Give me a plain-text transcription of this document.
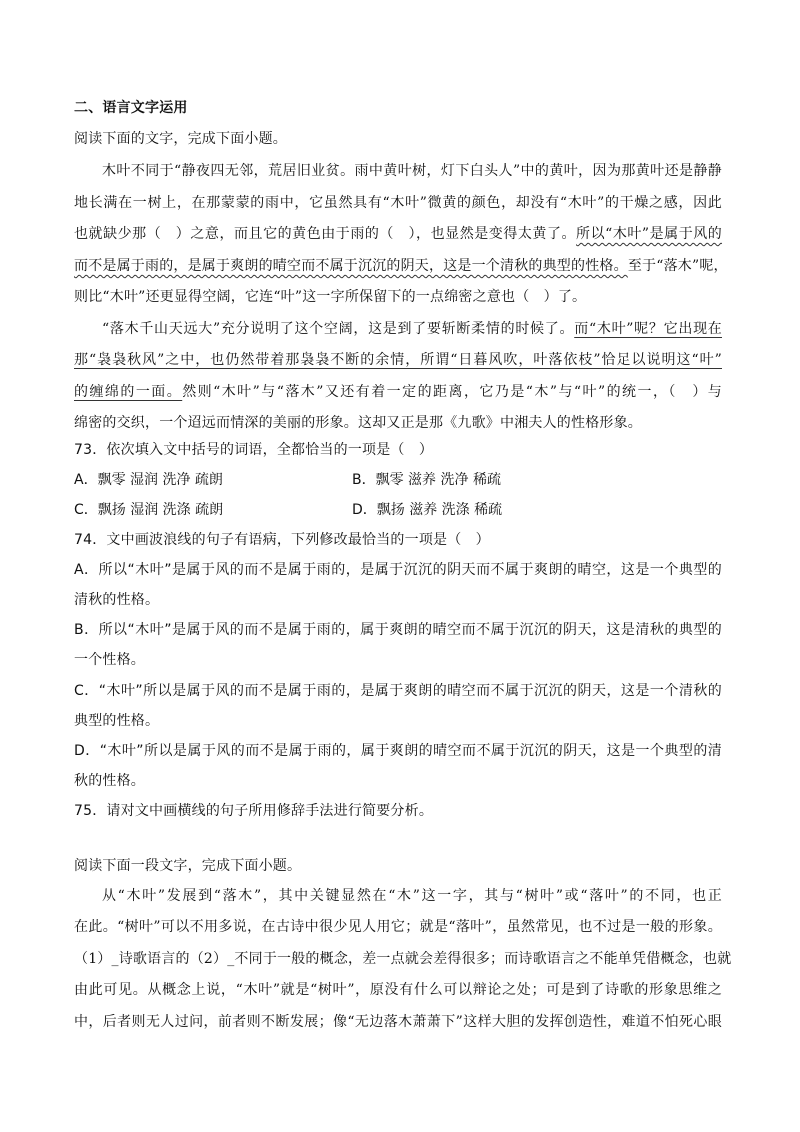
二、语言文字运用
阅读下面的文字，完成下面小题。
木叶不同于“静夜四无邻，荒居旧业贫。雨中黄叶树，灯下白头人”中的黄叶，因为那黄叶还是静静
地长满在一树上，在那蒙蒙的雨中，它虽然具有“木叶”微黄的颜色，却没有“木叶”的干燥之感，因此
也就缺少那（　）之意，而且它的黄色由于雨的（　），也显然是变得太黄了。所以“木叶”是属于风的
而不是属于雨的，是属于爽朗的晴空而不属于沉沉的阴天，这是一个清秋的典型的性格。至于“落木”呢，
则比“木叶”还更显得空阔，它连“叶”这一字所保留下的一点绵密之意也（　）了。
“落木千山天远大”充分说明了这个空阔，这是到了要斩断柔情的时候了。而“木叶”呢？它出现在
那“袅袅秋风”之中，也仍然带着那袅袅不断的余情，所谓“日暮风吹，叶落依枝”恰足以说明这“叶”
的缠绵的一面。然则“木叶”与“落木”又还有着一定的距离，它乃是“木”与“叶”的统一，（　）与
绵密的交织，一个迢远而情深的美丽的形象。这却又正是那《九歌》中湘夫人的性格形象。
73．依次填入文中括号的词语，全都恰当的一项是（　）
A．飘零 湿润 洗净 疏朗	B．飘零 滋养 洗净 稀疏
C．飘扬 湿润 洗涤 疏朗	D．飘扬 滋养 洗涤 稀疏
74．文中画波浪线的句子有语病，下列修改最恰当的一项是（　）
A．所以“木叶”是属于风的而不是属于雨的，是属于沉沉的阴天而不属于爽朗的晴空，这是一个典型的
清秋的性格。
B．所以“木叶”是属于风的而不是属于雨的，属于爽朗的晴空而不属于沉沉的阴天，这是清秋的典型的
一个性格。
C．“木叶”所以是属于风的而不是属于雨的，是属于爽朗的晴空而不属于沉沉的阴天，这是一个清秋的
典型的性格。
D．“木叶”所以是属于风的而不是属于雨的，属于爽朗的晴空而不属于沉沉的阴天，这是一个典型的清
秋的性格。
75．请对文中画横线的句子所用修辞手法进行简要分析。
阅读下面一段文字，完成下面小题。
从“木叶”发展到“落木”，其中关键显然在“木”这一字，其与“树叶”或“落叶”的不同，也正
在此。“树叶”可以不用多说，在古诗中很少见人用它；就是“落叶”，虽然常见，也不过是一般的形象。
（1）_诗歌语言的（2）_不同于一般的概念，差一点就会差得很多；而诗歌语言之不能单凭借概念，也就
由此可见。从概念上说，“木叶”就是“树叶”，原没有什么可以辩论之处；可是到了诗歌的形象思维之
中，后者则无人过问，前者则不断发展；像“无边落木萧萧下”这样大胆的发挥创造性，难道不怕死心眼
